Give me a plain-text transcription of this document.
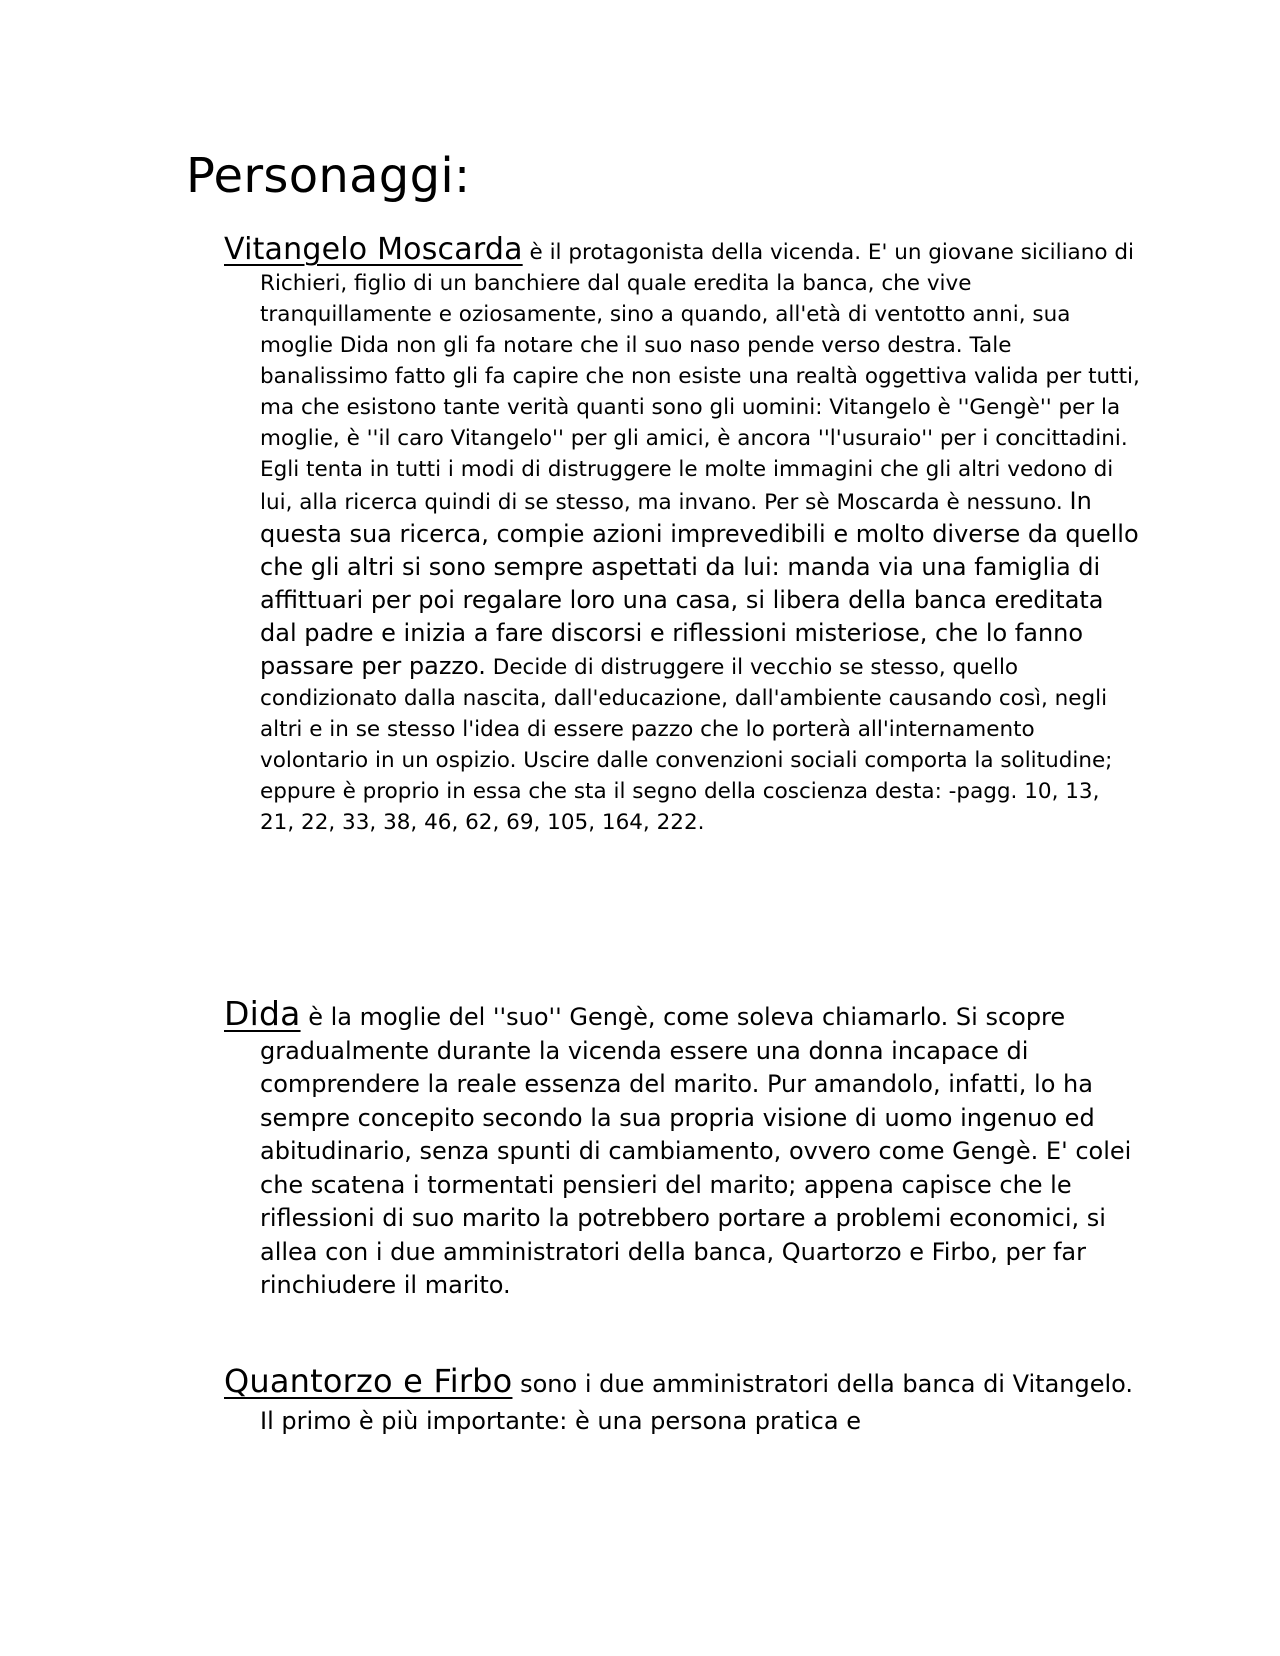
Personaggi:

Vitangelo Moscarda è il protagonista della vicenda. E' un giovane siciliano di Richieri, figlio di un banchiere dal quale eredita la banca, che vive tranquillamente e oziosamente, sino a quando, all'età di ventotto anni, sua moglie Dida non gli fa notare che il suo naso pende verso destra. Tale banalissimo fatto gli fa capire che non esiste una realtà oggettiva valida per tutti, ma che esistono tante verità quanti sono gli uomini: Vitangelo è ''Gengè'' per la moglie, è ''il caro Vitangelo'' per gli amici, è ancora ''l'usuraio'' per i concittadini. Egli tenta in tutti i modi di distruggere le molte immagini che gli altri vedono di lui, alla ricerca quindi di se stesso, ma invano. Per sè Moscarda è nessuno. In questa sua ricerca, compie azioni imprevedibili e molto diverse da quello che gli altri si sono sempre aspettati da lui: manda via una famiglia di affittuari per poi regalare loro una casa, si libera della banca ereditata dal padre e inizia a fare discorsi e riflessioni misteriose, che lo fanno passare per pazzo. Decide di distruggere il vecchio se stesso, quello condizionato dalla nascita, dall'educazione, dall'ambiente causando così, negli altri e in se stesso l'idea di essere pazzo che lo porterà all'internamento volontario in un ospizio. Uscire dalle convenzioni sociali comporta la solitudine; eppure è proprio in essa che sta il segno della coscienza desta: -pagg. 10, 13, 21, 22, 33, 38, 46, 62, 69, 105, 164, 222.

Dida è la moglie del ''suo'' Gengè, come soleva chiamarlo. Si scopre gradualmente durante la vicenda essere una donna incapace di comprendere la reale essenza del marito. Pur amandolo, infatti, lo ha sempre concepito secondo la sua propria visione di uomo ingenuo ed abitudinario, senza spunti di cambiamento, ovvero come Gengè. E' colei che scatena i tormentati pensieri del marito; appena capisce che le riflessioni di suo marito la potrebbero portare a problemi economici, si allea con i due amministratori della banca, Quartorzo e Firbo, per far rinchiudere il marito.

Quantorzo e Firbo sono i due amministratori della banca di Vitangelo. Il primo è più importante: è una persona pratica e
